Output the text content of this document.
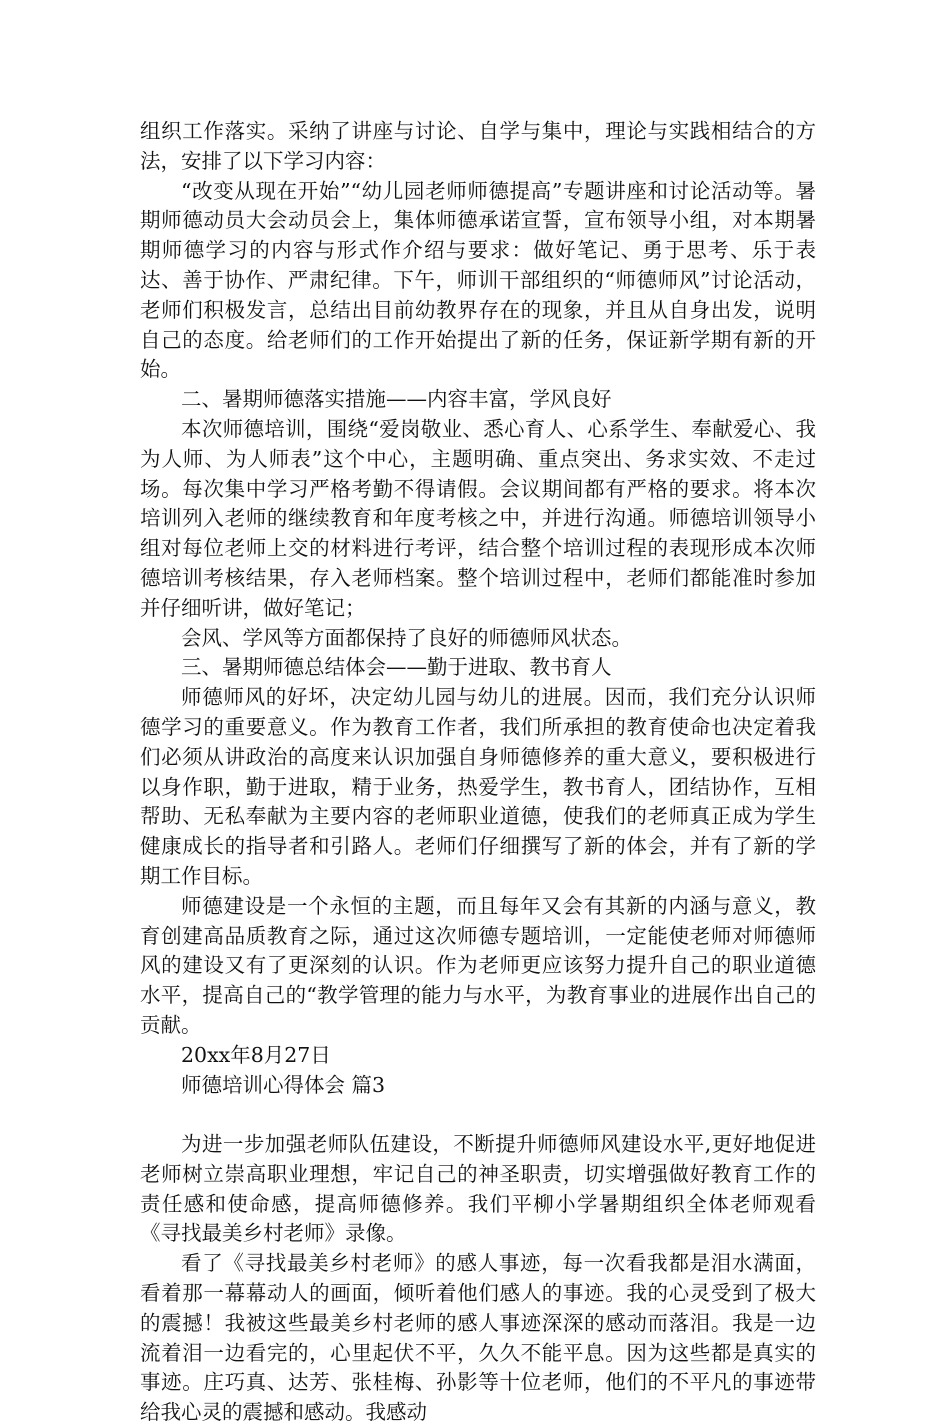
组织工作落实。采纳了讲座与讨论、自学与集中，理论与实践相结合的方法，安排了以下学习内容：

“改变从现在开始”“幼儿园老师师德提高”专题讲座和讨论活动等。暑期师德动员大会动员会上，集体师德承诺宣誓，宣布领导小组，对本期暑期师德学习的内容与形式作介绍与要求：做好笔记、勇于思考、乐于表达、善于协作、严肃纪律。下午，师训干部组织的“师德师风”讨论活动，老师们积极发言，总结出目前幼教界存在的现象，并且从自身出发，说明自己的态度。给老师们的工作开始提出了新的任务，保证新学期有新的开始。

二、暑期师德落实措施——内容丰富，学风良好

本次师德培训，围绕“爱岗敬业、悉心育人、心系学生、奉献爱心、我为人师、为人师表”这个中心，主题明确、重点突出、务求实效、不走过场。每次集中学习严格考勤不得请假。会议期间都有严格的要求。将本次培训列入老师的继续教育和年度考核之中，并进行沟通。师德培训领导小组对每位老师上交的材料进行考评，结合整个培训过程的表现形成本次师德培训考核结果，存入老师档案。整个培训过程中，老师们都能准时参加并仔细听讲，做好笔记；

会风、学风等方面都保持了良好的师德师风状态。

三、暑期师德总结体会——勤于进取、教书育人

师德师风的好坏，决定幼儿园与幼儿的进展。因而，我们充分认识师德学习的重要意义。作为教育工作者，我们所承担的教育使命也决定着我们必须从讲政治的高度来认识加强自身师德修养的重大意义，要积极进行以身作职，勤于进取，精于业务，热爱学生，教书育人，团结协作，互相帮助、无私奉献为主要内容的老师职业道德，使我们的老师真正成为学生健康成长的指导者和引路人。老师们仔细撰写了新的体会，并有了新的学期工作目标。

师德建设是一个永恒的主题，而且每年又会有其新的内涵与意义，教育创建高品质教育之际，通过这次师德专题培训，一定能使老师对师德师风的建设又有了更深刻的认识。作为老师更应该努力提升自己的职业道德水平，提高自己的“教学管理的能力与水平，为教育事业的进展作出自己的贡献。

20xx年8月27日

师德培训心得体会 篇3

为进一步加强老师队伍建设，不断提升师德师风建设水平,更好地促进老师树立崇高职业理想，牢记自己的神圣职责，切实增强做好教育工作的责任感和使命感，提高师德修养。我们平柳小学暑期组织全体老师观看《寻找最美乡村老师》录像。

看了《寻找最美乡村老师》的感人事迹，每一次看我都是泪水满面，看着那一幕幕动人的画面，倾听着他们感人的事迹。我的心灵受到了极大的震撼！我被这些最美乡村老师的感人事迹深深的感动而落泪。我是一边流着泪一边看完的，心里起伏不平，久久不能平息。因为这些都是真实的事迹。庄巧真、达芳、张桂梅、孙影等十位老师，他们的不平凡的事迹带给我心灵的震撼和感动。我感动
